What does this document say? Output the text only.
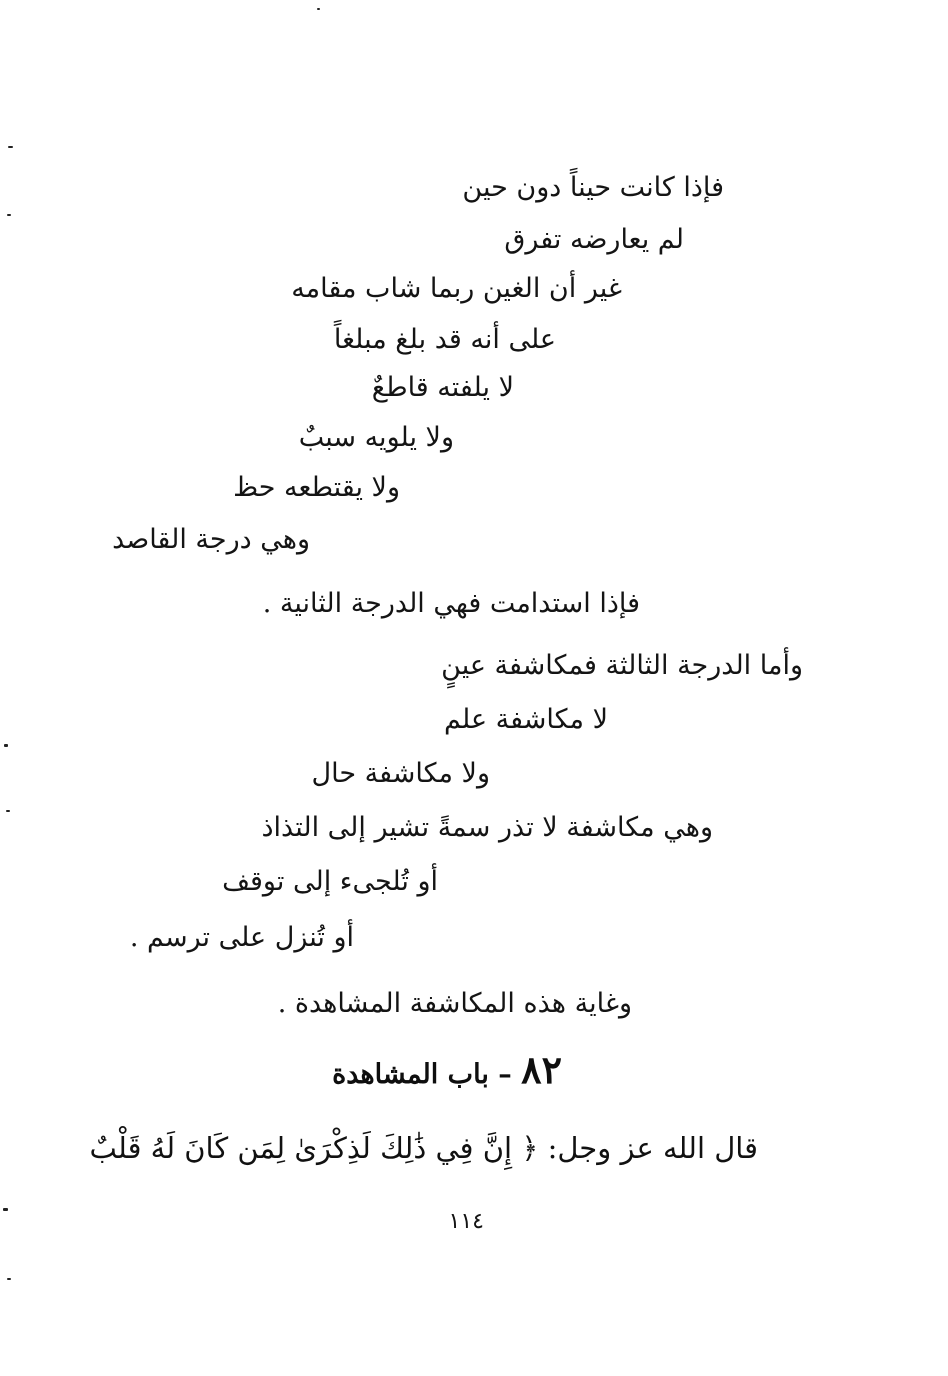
فإذا كانت حيناً دون حين
لم يعارضه تفرق
غير أن الغين ربما شاب مقامه
على أنه قد بلغ مبلغاً
لا يلفته قاطعٌ
ولا يلويه سببٌ
ولا يقتطعه حظ
وهي درجة القاصد
فإذا استدامت فهي الدرجة الثانية .
وأما الدرجة الثالثة فمكاشفة عينٍ
لا مكاشفة علم
ولا مكاشفة حال
وهي مكاشفة لا تذر سمةً تشير إلى التذاذ
أو تُلجىء إلى توقف
أو تُنزل على ترسم .
وغاية هذه المكاشفة المشاهدة .
٨٢ – باب المشاهدة
قال الله عز وجل: ﴿ إِنَّ فِي ذَٰلِكَ لَذِكْرَىٰ لِمَن كَانَ لَهُ قَلْبٌ
١١٤
